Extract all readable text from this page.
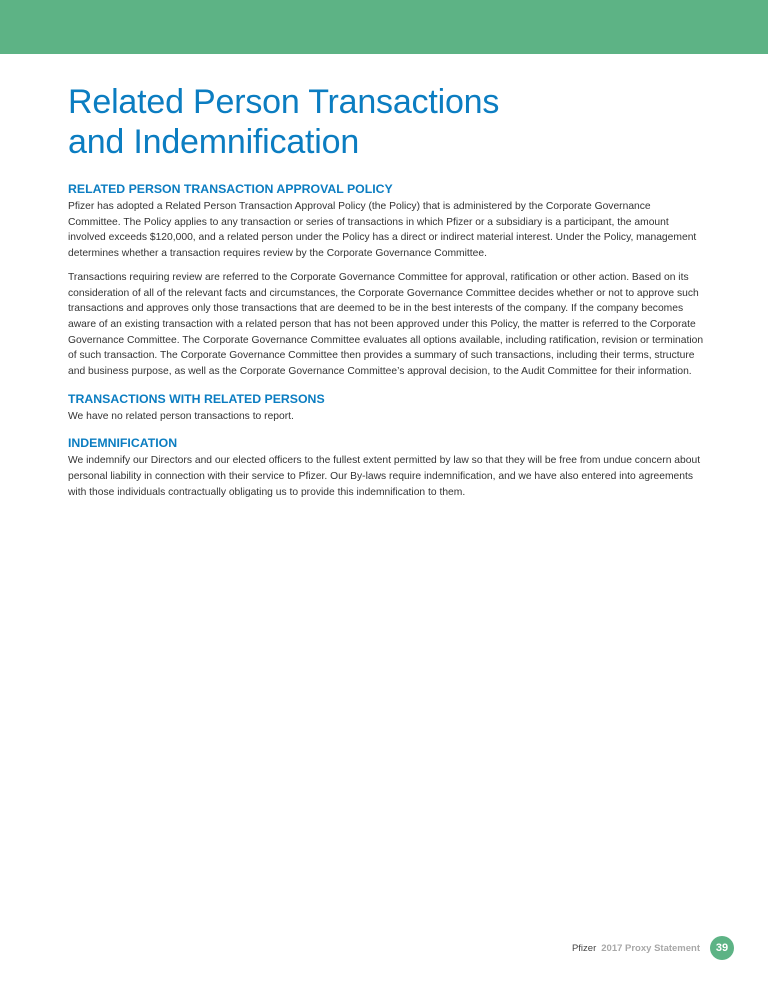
Related Person Transactions
and Indemnification
RELATED PERSON TRANSACTION APPROVAL POLICY

Pfizer has adopted a Related Person Transaction Approval Policy (the Policy) that is administered by the Corporate Governance Committee. The Policy applies to any transaction or series of transactions in which Pfizer or a subsidiary is a participant, the amount involved exceeds $120,000, and a related person under the Policy has a direct or indirect material interest. Under the Policy, management determines whether a transaction requires review by the Corporate Governance Committee.

Transactions requiring review are referred to the Corporate Governance Committee for approval, ratification or other action. Based on its consideration of all of the relevant facts and circumstances, the Corporate Governance Committee decides whether or not to approve such transactions and approves only those transactions that are deemed to be in the best interests of the company. If the company becomes aware of an existing transaction with a related person that has not been approved under this Policy, the matter is referred to the Corporate Governance Committee. The Corporate Governance Committee evaluates all options available, including ratification, revision or termination of such transaction. The Corporate Governance Committee then provides a summary of such transactions, including their terms, structure and business purpose, as well as the Corporate Governance Committee’s approval decision, to the Audit Committee for their information.

TRANSACTIONS WITH RELATED PERSONS

We have no related person transactions to report.

INDEMNIFICATION

We indemnify our Directors and our elected officers to the fullest extent permitted by law so that they will be free from undue concern about personal liability in connection with their service to Pfizer. Our By-laws require indemnification, and we have also entered into agreements with those individuals contractually obligating us to provide this indemnification to them.

Pfizer 2017 Proxy Statement	39
